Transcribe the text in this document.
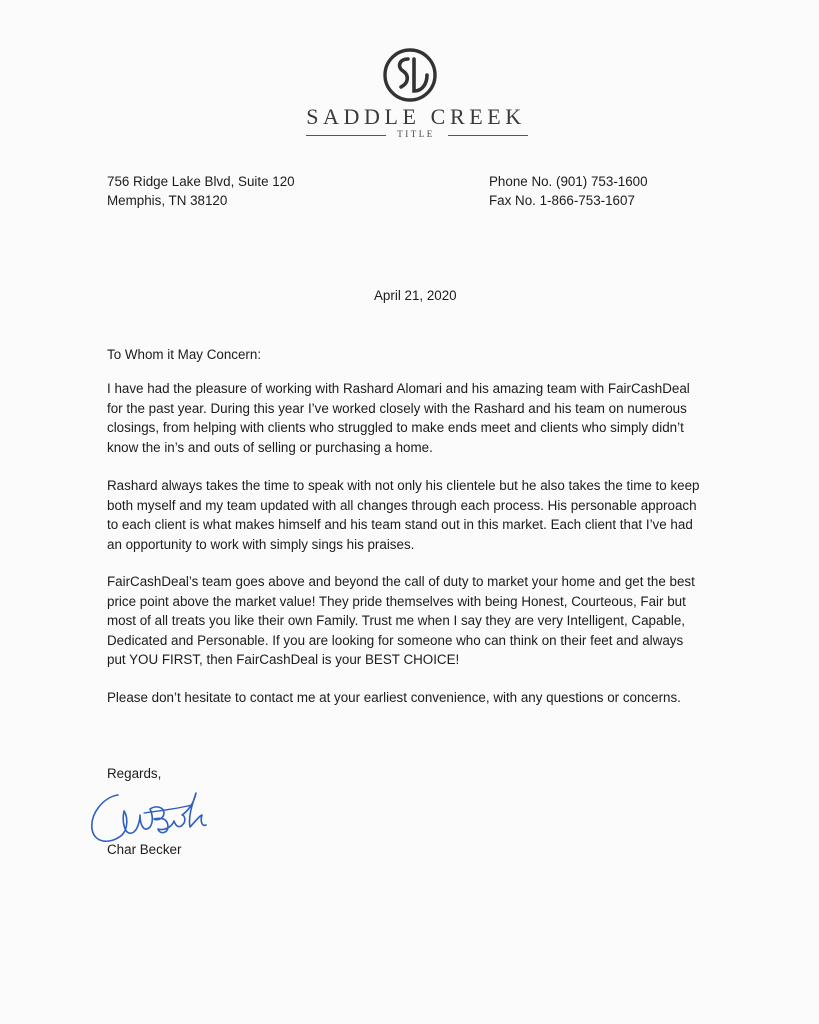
SADDLE CREEK
TITLE
756 Ridge Lake Blvd, Suite 120
Memphis, TN 38120
Phone No. (901) 753-1600
Fax No. 1-866-753-1607
April 21, 2020
To Whom it May Concern:

I have had the pleasure of working with Rashard Alomari and his amazing team with FairCashDeal for the past year. During this year I’ve worked closely with the Rashard and his team on numerous closings, from helping with clients who struggled to make ends meet and clients who simply didn’t know the in’s and outs of selling or purchasing a home.

Rashard always takes the time to speak with not only his clientele but he also takes the time to keep both myself and my team updated with all changes through each process. His personable approach to each client is what makes himself and his team stand out in this market. Each client that I’ve had an opportunity to work with simply sings his praises.

FairCashDeal’s team goes above and beyond the call of duty to market your home and get the best price point above the market value! They pride themselves with being Honest, Courteous, Fair but most of all treats you like their own Family. Trust me when I say they are very Intelligent, Capable, Dedicated and Personable. If you are looking for someone who can think on their feet and always put YOU FIRST, then FairCashDeal is your BEST CHOICE!

Please don’t hesitate to contact me at your earliest convenience, with any questions or concerns.

Regards,
Char Becker
